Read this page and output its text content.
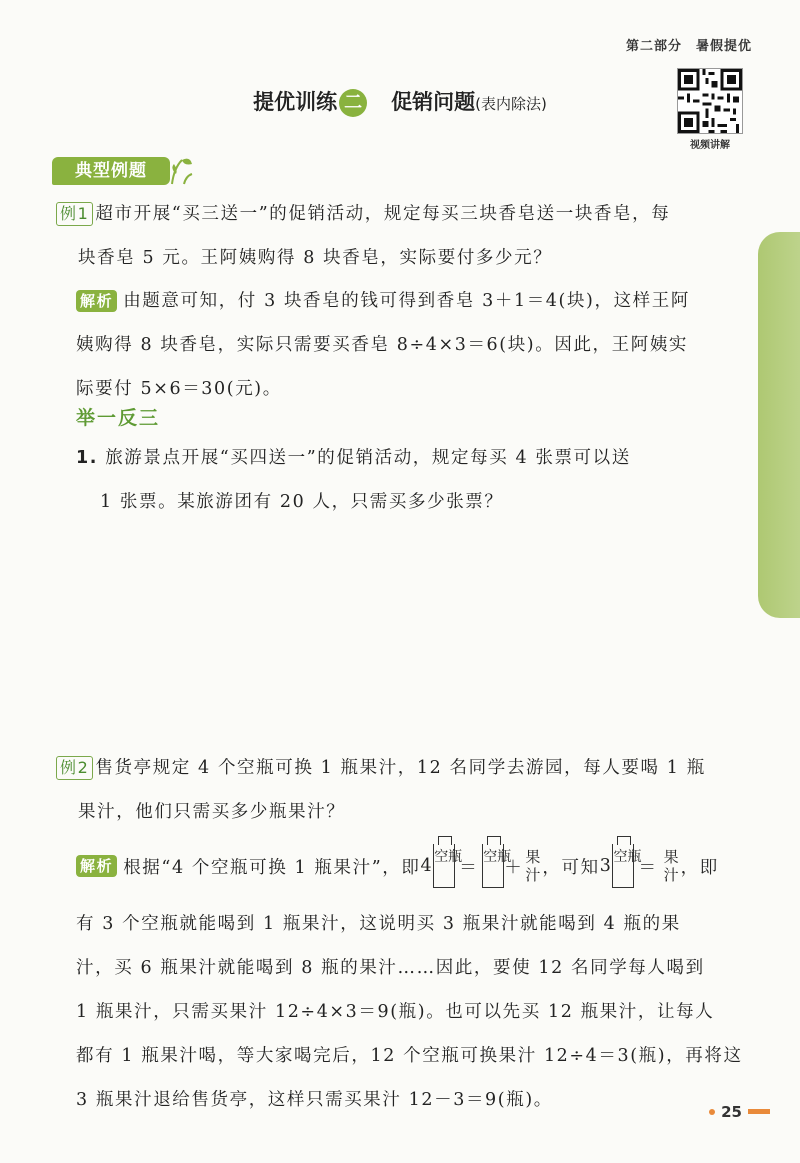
第二部分 暑假提优
视频讲解
提优训练 二 促销问题(表内除法)
典型例题
例1 超市开展“买三送一”的促销活动，规定每买三块香皂送一块香皂，每
块香皂 5 元。王阿姨购得 8 块香皂，实际要付多少元？
解析 由题意可知，付 3 块香皂的钱可得到香皂 3＋1＝4(块)，这样王阿
姨购得 8 块香皂，实际只需要买香皂 8÷4×3＝6(块)。因此，王阿姨实
际要付 5×6＝30(元)。
举一反三
1. 旅游景点开展“买四送一”的促销活动，规定每买 4 张票可以送
1 张票。某旅游团有 20 人，只需买多少张票？
例2 售货亭规定 4 个空瓶可换 1 瓶果汁，12 名同学去游园，每人要喝 1 瓶
果汁，他们只需买多少瓶果汁？
解析 根据“4 个空瓶可换 1 瓶果汁”，即 4 空瓶
＝
空瓶
＋
果
汁 ，可知 3 空瓶
＝
果
汁 ，即
有 3 个空瓶就能喝到 1 瓶果汁，这说明买 3 瓶果汁就能喝到 4 瓶的果
汁，买 6 瓶果汁就能喝到 8 瓶的果汁……因此，要使 12 名同学每人喝到
1 瓶果汁，只需买果汁 12÷4×3＝9(瓶)。也可以先买 12 瓶果汁，让每人
都有 1 瓶果汁喝，等大家喝完后，12 个空瓶可换果汁 12÷4＝3(瓶)，再将这
3 瓶果汁退给售货亭，这样只需买果汁 12－3＝9(瓶)。
25
